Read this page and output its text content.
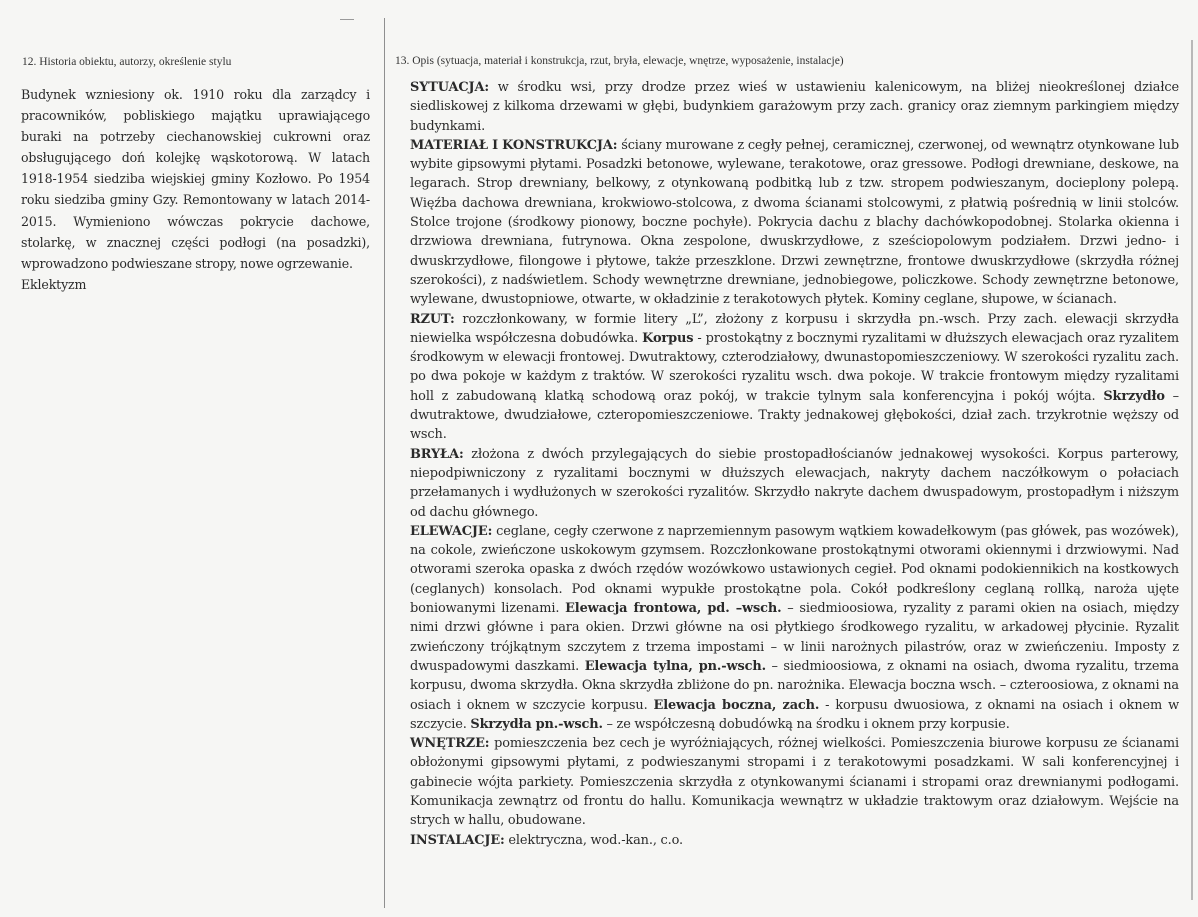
12. Historia obiektu, autorzy, określenie stylu

Budynek wzniesiony ok. 1910 roku dla zarządcy i pracowników, pobliskiego majątku uprawiającego buraki na potrzeby ciechanowskiej cukrowni oraz obsługującego doń kolejkę wąskotorową. W latach 1918-1954 siedziba wiejskiej gminy Kozłowo. Po 1954 roku siedziba gminy Gzy. Remontowany w latach 2014-2015. Wymieniono wówczas pokrycie dachowe, stolarkę, w znacznej części podłogi (na posadzki), wprowadzono podwieszane stropy, nowe ogrzewanie.

Eklektyzm

13. Opis (sytuacja, materiał i konstrukcja, rzut, bryła, elewacje, wnętrze, wyposażenie, instalacje)

SYTUACJA: w środku wsi, przy drodze przez wieś w ustawieniu kalenicowym, na bliżej nieokreślonej działce siedliskowej z kilkoma drzewami w głębi, budynkiem garażowym przy zach. granicy oraz ziemnym parkingiem między budynkami.

MATERIAŁ I KONSTRUKCJA: ściany murowane z cegły pełnej, ceramicznej, czerwonej, od wewnątrz otynkowane lub wybite gipsowymi płytami. Posadzki betonowe, wylewane, terakotowe, oraz gressowe. Podłogi drewniane, deskowe, na legarach. Strop drewniany, belkowy, z otynkowaną podbitką lub z tzw. stropem podwieszanym, docieplony polepą. Więźba dachowa drewniana, krokwiowo-stolcowa, z dwoma ścianami stolcowymi, z płatwią pośrednią w linii stolców. Stolce trojone (środkowy pionowy, boczne pochyłe). Pokrycia dachu z blachy dachówkopodobnej. Stolarka okienna i drzwiowa drewniana, futrynowa. Okna zespolone, dwuskrzydłowe, z sześciopolowym podziałem. Drzwi jedno- i dwuskrzydłowe, filongowe i płytowe, także przeszklone. Drzwi zewnętrzne, frontowe dwuskrzydłowe (skrzydła różnej szerokości), z nadświetlem. Schody wewnętrzne drewniane, jednobiegowe, policzkowe. Schody zewnętrzne betonowe, wylewane, dwustopniowe, otwarte, w okładzinie z terakotowych płytek. Kominy ceglane, słupowe, w ścianach.

RZUT: rozczłonkowany, w formie litery „L”, złożony z korpusu i skrzydła pn.-wsch. Przy zach. elewacji skrzydła niewielka współczesna dobudówka. Korpus - prostokątny z bocznymi ryzalitami w dłuższych elewacjach oraz ryzalitem środkowym w elewacji frontowej. Dwutraktowy, czterodziałowy, dwunastopomieszczeniowy. W szerokości ryzalitu zach. po dwa pokoje w każdym z traktów. W szerokości ryzalitu wsch. dwa pokoje. W trakcie frontowym między ryzalitami holl z zabudowaną klatką schodową oraz pokój, w trakcie tylnym sala konferencyjna i pokój wójta. Skrzydło – dwutraktowe, dwudziałowe, czteropomieszczeniowe. Trakty jednakowej głębokości, dział zach. trzykrotnie węższy od wsch.

BRYŁA: złożona z dwóch przylegających do siebie prostopadłościanów jednakowej wysokości. Korpus parterowy, niepodpiwniczony z ryzalitami bocznymi w dłuższych elewacjach, nakryty dachem naczółkowym o połaciach przełamanych i wydłużonych w szerokości ryzalitów. Skrzydło nakryte dachem dwuspadowym, prostopadłym i niższym od dachu głównego.

ELEWACJE: ceglane, cegły czerwone z naprzemiennym pasowym wątkiem kowadełkowym (pas główek, pas wozówek), na cokole, zwieńczone uskokowym gzymsem. Rozczłonkowane prostokątnymi otworami okiennymi i drzwiowymi. Nad otworami szeroka opaska z dwóch rzędów wozówkowo ustawionych cegieł. Pod oknami podokiennikich na kostkowych (ceglanych) konsolach. Pod oknami wypukłe prostokątne pola. Cokół podkreślony ceglaną rollką, naroża ujęte boniowanymi lizenami. Elewacja frontowa, pd. –wsch. – siedmioosiowa, ryzality z parami okien na osiach, między nimi drzwi główne i para okien. Drzwi główne na osi płytkiego środkowego ryzalitu, w arkadowej płycinie. Ryzalit zwieńczony trójkątnym szczytem z trzema impostami – w linii narożnych pilastrów, oraz w zwieńczeniu. Imposty z dwuspadowymi daszkami. Elewacja tylna, pn.-wsch. – siedmioosiowa, z oknami na osiach, dwoma ryzalitu, trzema korpusu, dwoma skrzydła. Okna skrzydła zbliżone do pn. narożnika. Elewacja boczna wsch. – czteroosiowa, z oknami na osiach i oknem w szczycie korpusu. Elewacja boczna, zach. - korpusu dwuosiowa, z oknami na osiach i oknem w szczycie. Skrzydła pn.-wsch. – ze współczesną dobudówką na środku i oknem przy korpusie.

WNĘTRZE: pomieszczenia bez cech je wyróżniających, różnej wielkości. Pomieszczenia biurowe korpusu ze ścianami obłożonymi gipsowymi płytami, z podwieszanymi stropami i z terakotowymi posadzkami. W sali konferencyjnej i gabinecie wójta parkiety. Pomieszczenia skrzydła z otynkowanymi ścianami i stropami oraz drewnianymi podłogami. Komunikacja zewnątrz od frontu do hallu. Komunikacja wewnątrz w układzie traktowym oraz działowym. Wejście na strych w hallu, obudowane.

INSTALACJE: elektryczna, wod.-kan., c.o.
